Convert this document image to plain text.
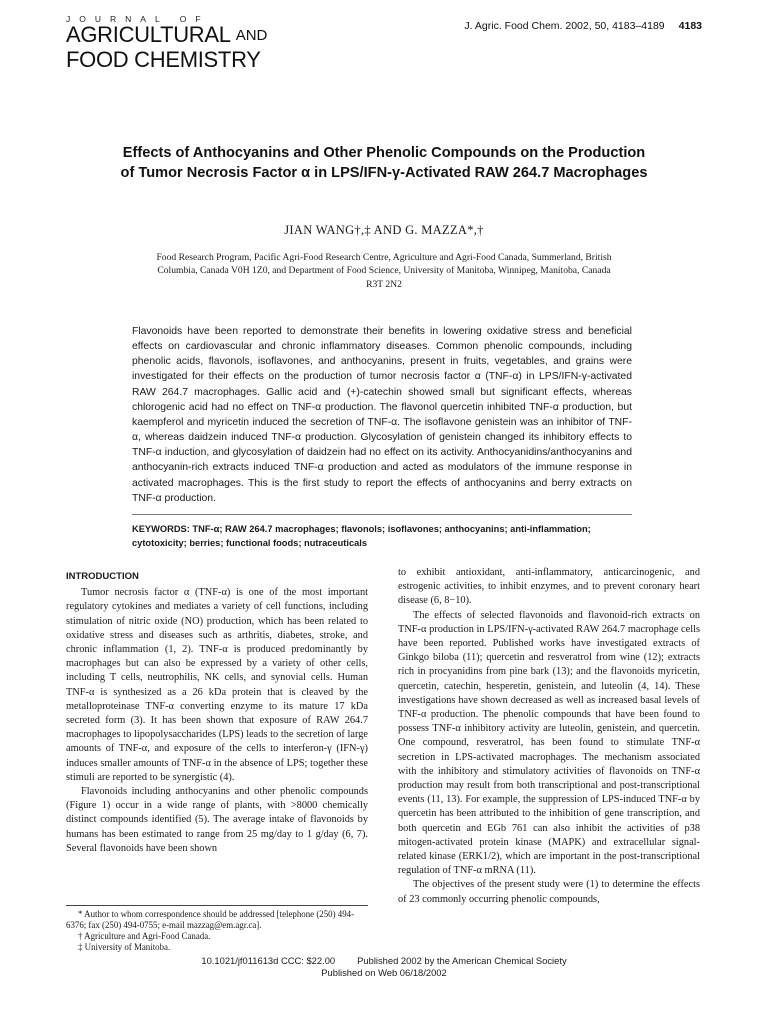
JOURNAL OF
AGRICULTURAL AND
FOOD CHEMISTRY
J. Agric. Food Chem. 2002, 50, 4183–4189 4183
Effects of Anthocyanins and Other Phenolic Compounds on the Production of Tumor Necrosis Factor α in LPS/IFN-γ-Activated RAW 264.7 Macrophages
JIAN WANG†,‡ AND G. MAZZA*,†
Food Research Program, Pacific Agri-Food Research Centre, Agriculture and Agri-Food Canada, Summerland, British Columbia, Canada V0H 1Z0, and Department of Food Science, University of Manitoba, Winnipeg, Manitoba, Canada R3T 2N2
Flavonoids have been reported to demonstrate their benefits in lowering oxidative stress and beneficial effects on cardiovascular and chronic inflammatory diseases. Common phenolic compounds, including phenolic acids, flavonols, isoflavones, and anthocyanins, present in fruits, vegetables, and grains were investigated for their effects on the production of tumor necrosis factor α (TNF-α) in LPS/IFN-γ-activated RAW 264.7 macrophages. Gallic acid and (+)-catechin showed small but significant effects, whereas chlorogenic acid had no effect on TNF-α production. The flavonol quercetin inhibited TNF-α production, but kaempferol and myricetin induced the secretion of TNF-α. The isoflavone genistein was an inhibitor of TNF-α, whereas daidzein induced TNF-α production. Glycosylation of genistein changed its inhibitory effects to TNF-α induction, and glycosylation of daidzein had no effect on its activity. Anthocyanidins/anthocyanins and anthocyanin-rich extracts induced TNF-α production and acted as modulators of the immune response in activated macrophages. This is the first study to report the effects of anthocyanins and berry extracts on TNF-α production.
KEYWORDS: TNF-α; RAW 264.7 macrophages; flavonols; isoflavones; anthocyanins; anti-inflammation; cytotoxicity; berries; functional foods; nutraceuticals
INTRODUCTION

Tumor necrosis factor α (TNF-α) is one of the most important regulatory cytokines and mediates a variety of cell functions, including stimulation of nitric oxide (NO) production, which has been related to oxidative stress and diseases such as arthritis, diabetes, stroke, and chronic inflammation (1, 2). TNF-α is produced predominantly by macrophages but can also be expressed by a variety of other cells, including T cells, neutrophilis, NK cells, and synovial cells. Human TNF-α is synthesized as a 26 kDa protein that is cleaved by the metalloproteinase TNF-α converting enzyme to its mature 17 kDa secreted form (3). It has been shown that exposure of RAW 264.7 macrophages to lipopolysaccharides (LPS) leads to the secretion of large amounts of TNF-α, and exposure of the cells to interferon-γ (IFN-γ) induces smaller amounts of TNF-α in the absence of LPS; together these stimuli are reported to be synergistic (4).

Flavonoids including anthocyanins and other phenolic compounds (Figure 1) occur in a wide range of plants, with >8000 chemically distinct compounds identified (5). The average intake of flavonoids by humans has been estimated to range from 25 mg/day to 1 g/day (6, 7). Several flavonoids have been shown

to exhibit antioxidant, anti-inflammatory, anticarcinogenic, and estrogenic activities, to inhibit enzymes, and to prevent coronary heart disease (6, 8−10).

The effects of selected flavonoids and flavonoid-rich extracts on TNF-α production in LPS/IFN-γ-activated RAW 264.7 macrophage cells have been reported. Published works have investigated extracts of Ginkgo biloba (11); quercetin and resveratrol from wine (12); extracts rich in procyanidins from pine bark (13); and the flavonoids myricetin, quercetin, catechin, hesperetin, genistein, and luteolin (4, 14). These investigations have shown decreased as well as increased basal levels of TNF-α production. The phenolic compounds that have been found to possess TNF-α inhibitory activity are luteolin, genistein, and quercetin. One compound, resveratrol, has been found to stimulate TNF-α secretion in LPS-activated macrophages. The mechanism associated with the inhibitory and stimulatory activities of flavonoids on TNF-α production may result from both transcriptional and post-transcriptional events (11, 13). For example, the suppression of LPS-induced TNF-α by quercetin has been attributed to the inhibition of gene transcription, and both quercetin and EGb 761 can also inhibit the activities of p38 mitogen-activated protein kinase (MAPK) and extracellular signal-related kinase (ERK1/2), which are important in the post-transcriptional regulation of TNF-α mRNA (11).

The objectives of the present study were (1) to determine the effects of 23 commonly occurring phenolic compounds,

* Author to whom correspondence should be addressed [telephone (250) 494-6376; fax (250) 494-0755; e-mail mazzag@em.agr.ca].
† Agriculture and Agri-Food Canada.
‡ University of Manitoba.
10.1021/jf011613d CCC: $22.00 Published 2002 by the American Chemical Society
Published on Web 06/18/2002
